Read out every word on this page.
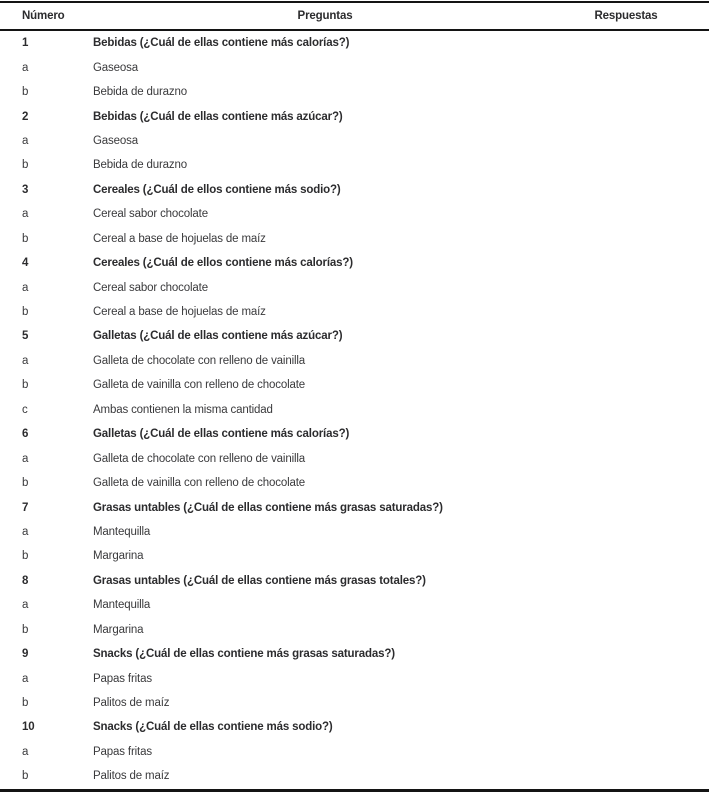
Número	Preguntas	Respuestas
1	Bebidas (¿Cuál de ellas contiene más calorías?)
a	Gaseosa
b	Bebida de durazno
2	Bebidas (¿Cuál de ellas contiene más azúcar?)
a	Gaseosa
b	Bebida de durazno
3	Cereales (¿Cuál de ellos contiene más sodio?)
a	Cereal sabor chocolate
b	Cereal a base de hojuelas de maíz
4	Cereales (¿Cuál de ellos contiene más calorías?)
a	Cereal sabor chocolate
b	Cereal a base de hojuelas de maíz
5	Galletas (¿Cuál de ellas contiene más azúcar?)
a	Galleta de chocolate con relleno de vainilla
b	Galleta de vainilla con relleno de chocolate
c	Ambas contienen la misma cantidad
6	Galletas (¿Cuál de ellas contiene más calorías?)
a	Galleta de chocolate con relleno de vainilla
b	Galleta de vainilla con relleno de chocolate
7	Grasas untables (¿Cuál de ellas contiene más grasas saturadas?)
a	Mantequilla
b	Margarina
8	Grasas untables (¿Cuál de ellas contiene más grasas totales?)
a	Mantequilla
b	Margarina
9	Snacks (¿Cuál de ellas contiene más grasas saturadas?)
a	Papas fritas
b	Palitos de maíz
10	Snacks (¿Cuál de ellas contiene más sodio?)
a	Papas fritas
b	Palitos de maíz
